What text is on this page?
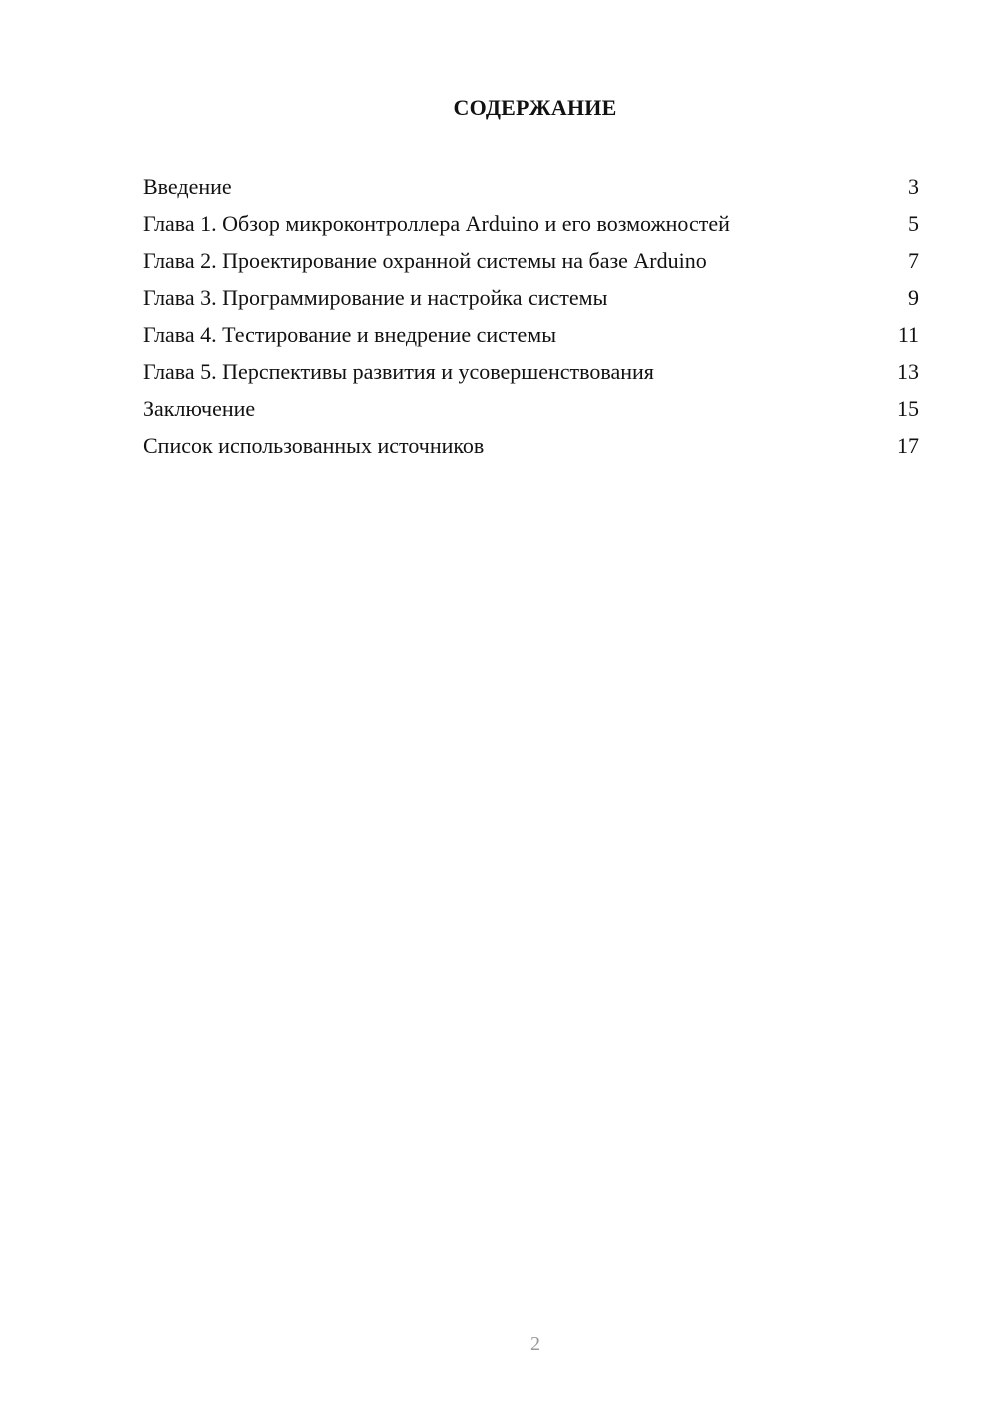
СОДЕРЖАНИЕ
Введение	3
Глава 1. Обзор микроконтроллера Arduino и его возможностей	5
Глава 2. Проектирование охранной системы на базе Arduino	7
Глава 3. Программирование и настройка системы	9
Глава 4. Тестирование и внедрение системы	11
Глава 5. Перспективы развития и усовершенствования	13
Заключение	15
Список использованных источников	17
2
